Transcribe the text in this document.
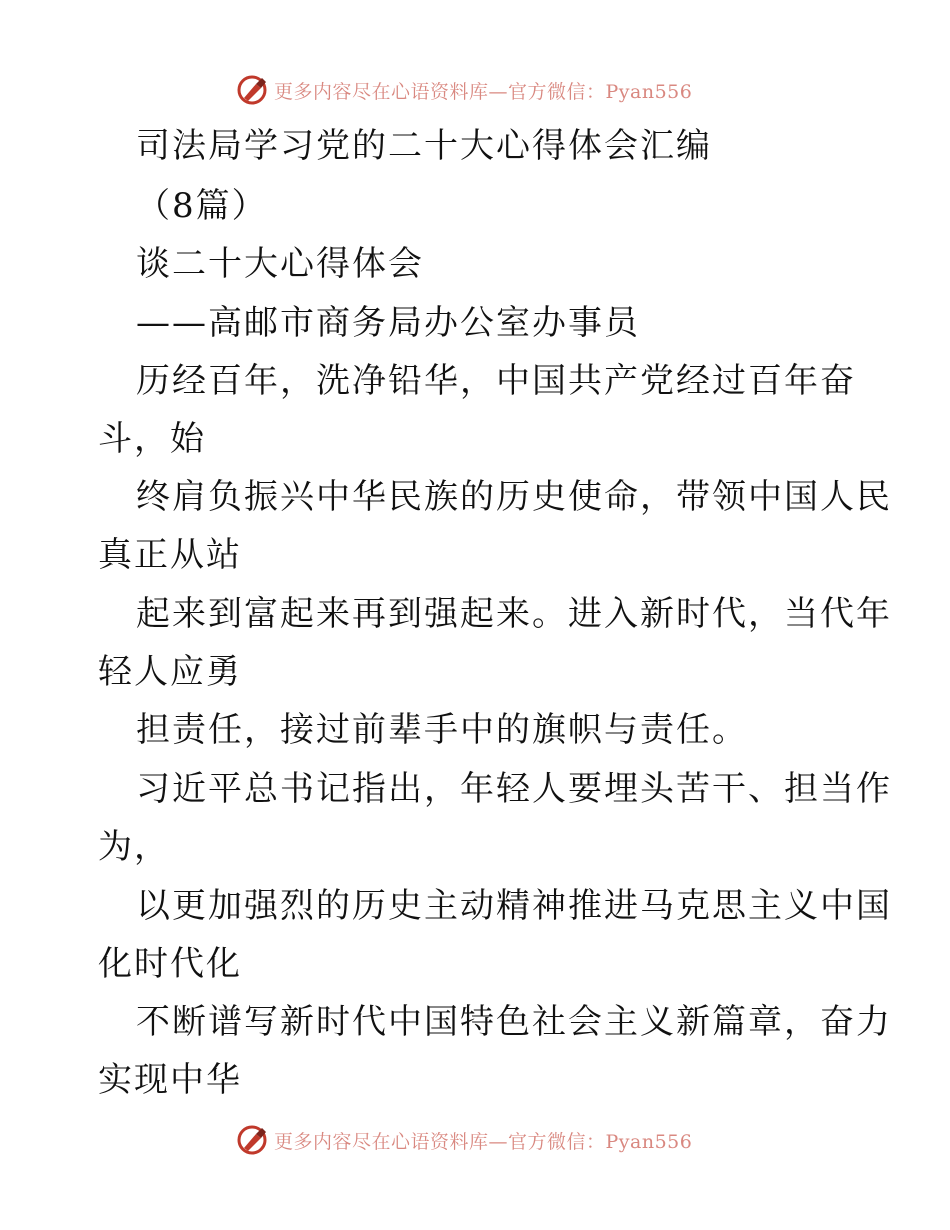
更多内容尽在心语资料库—官方微信：Pyan556
司法局学习党的二十大心得体会汇编
（8篇）
谈二十大心得体会
——高邮市商务局办公室办事员
历经百年，洗净铅华，中国共产党经过百年奋
斗，始
终肩负振兴中华民族的历史使命，带领中国人民
真正从站
起来到富起来再到强起来。进入新时代，当代年
轻人应勇
担责任，接过前辈手中的旗帜与责任。
习近平总书记指出，年轻人要埋头苦干、担当作
为，
以更加强烈的历史主动精神推进马克思主义中国
化时代化
不断谱写新时代中国特色社会主义新篇章，奋力
实现中华
更多内容尽在心语资料库—官方微信：Pyan556
